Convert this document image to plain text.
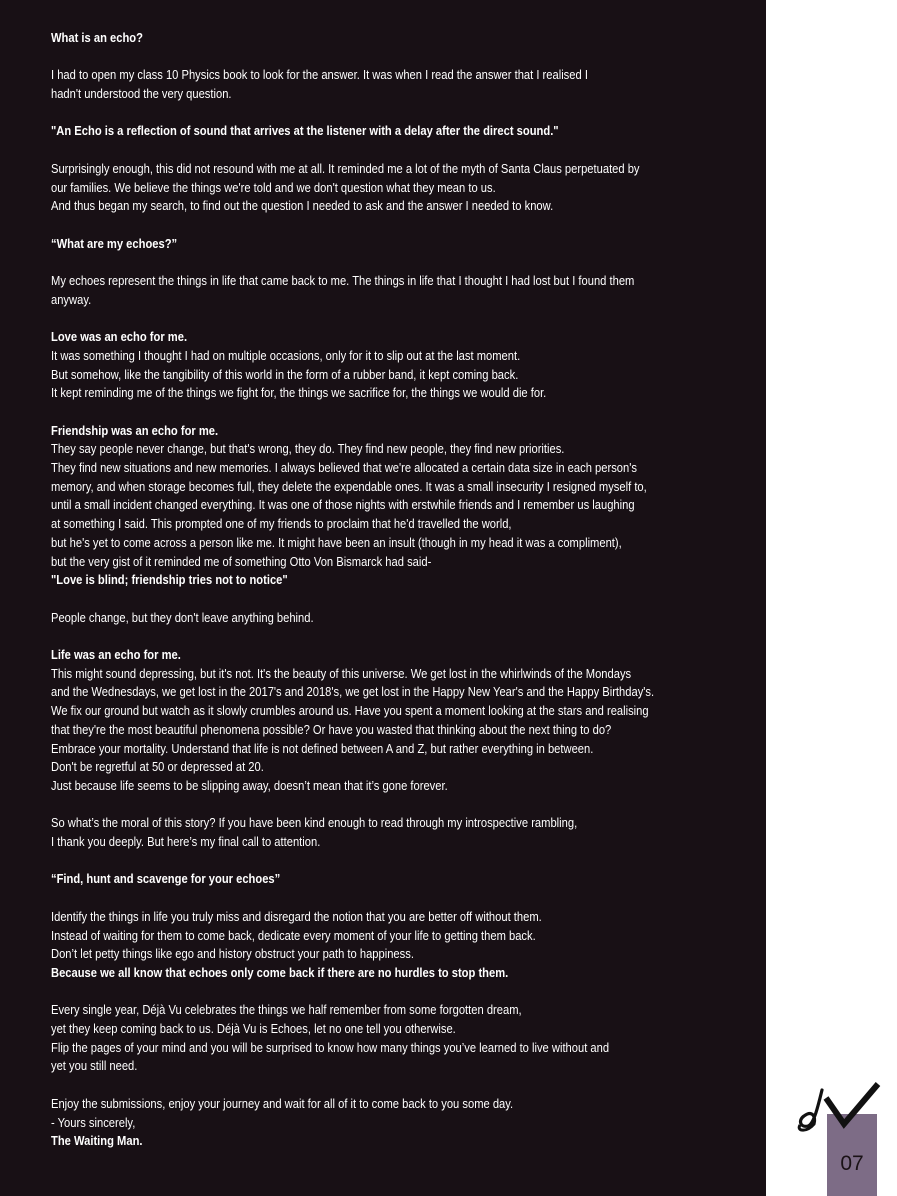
What is an echo?

I had to open my class 10 Physics book to look for the answer. It was when I read the answer that I realised I

hadn't understood the very question.

"An Echo is a reflection of sound that arrives at the listener with a delay after the direct sound."

Surprisingly enough, this did not resound with me at all. It reminded me a lot of the myth of Santa Claus perpetuated by

our families. We believe the things we're told and we don't question what they mean to us.

And thus began my search, to find out the question I needed to ask and the answer I needed to know.

“What are my echoes?”

My echoes represent the things in life that came back to me. The things in life that I thought I had lost but I found them

anyway.

Love was an echo for me.

It was something I thought I had on multiple occasions, only for it to slip out at the last moment.

But somehow, like the tangibility of this world in the form of a rubber band, it kept coming back.

It kept reminding me of the things we fight for, the things we sacrifice for, the things we would die for.

Friendship was an echo for me.

They say people never change, but that's wrong, they do. They find new people, they find new priorities.

They find new situations and new memories. I always believed that we're allocated a certain data size in each person's

memory, and when storage becomes full, they delete the expendable ones. It was a small insecurity I resigned myself to,

until a small incident changed everything. It was one of those nights with erstwhile friends and I remember us laughing

at something I said. This prompted one of my friends to proclaim that he'd travelled the world,

but he's yet to come across a person like me. It might have been an insult (though in my head it was a compliment),

but the very gist of it reminded me of something Otto Von Bismarck had said-

"Love is blind; friendship tries not to notice"

People change, but they don't leave anything behind.

Life was an echo for me.

This might sound depressing, but it's not. It's the beauty of this universe. We get lost in the whirlwinds of the Mondays

and the Wednesdays, we get lost in the 2017's and 2018's, we get lost in the Happy New Year's and the Happy Birthday's.

We fix our ground but watch as it slowly crumbles around us. Have you spent a moment looking at the stars and realising

that they're the most beautiful phenomena possible? Or have you wasted that thinking about the next thing to do?

Embrace your mortality. Understand that life is not defined between A and Z, but rather everything in between.

Don't be regretful at 50 or depressed at 20.

Just because life seems to be slipping away, doesn’t mean that it’s gone forever.

So what’s the moral of this story? If you have been kind enough to read through my introspective rambling,

I thank you deeply. But here’s my final call to attention.

“Find, hunt and scavenge for your echoes”

Identify the things in life you truly miss and disregard the notion that you are better off without them.

Instead of waiting for them to come back, dedicate every moment of your life to getting them back.

Don’t let petty things like ego and history obstruct your path to happiness.

Because we all know that echoes only come back if there are no hurdles to stop them.

Every single year, Déjà Vu celebrates the things we half remember from some forgotten dream,

yet they keep coming back to us. Déjà Vu is Echoes, let no one tell you otherwise.

Flip the pages of your mind and you will be surprised to know how many things you’ve learned to live without and

yet you still need.

Enjoy the submissions, enjoy your journey and wait for all of it to come back to you some day.

- Yours sincerely,

The Waiting Man.

07
